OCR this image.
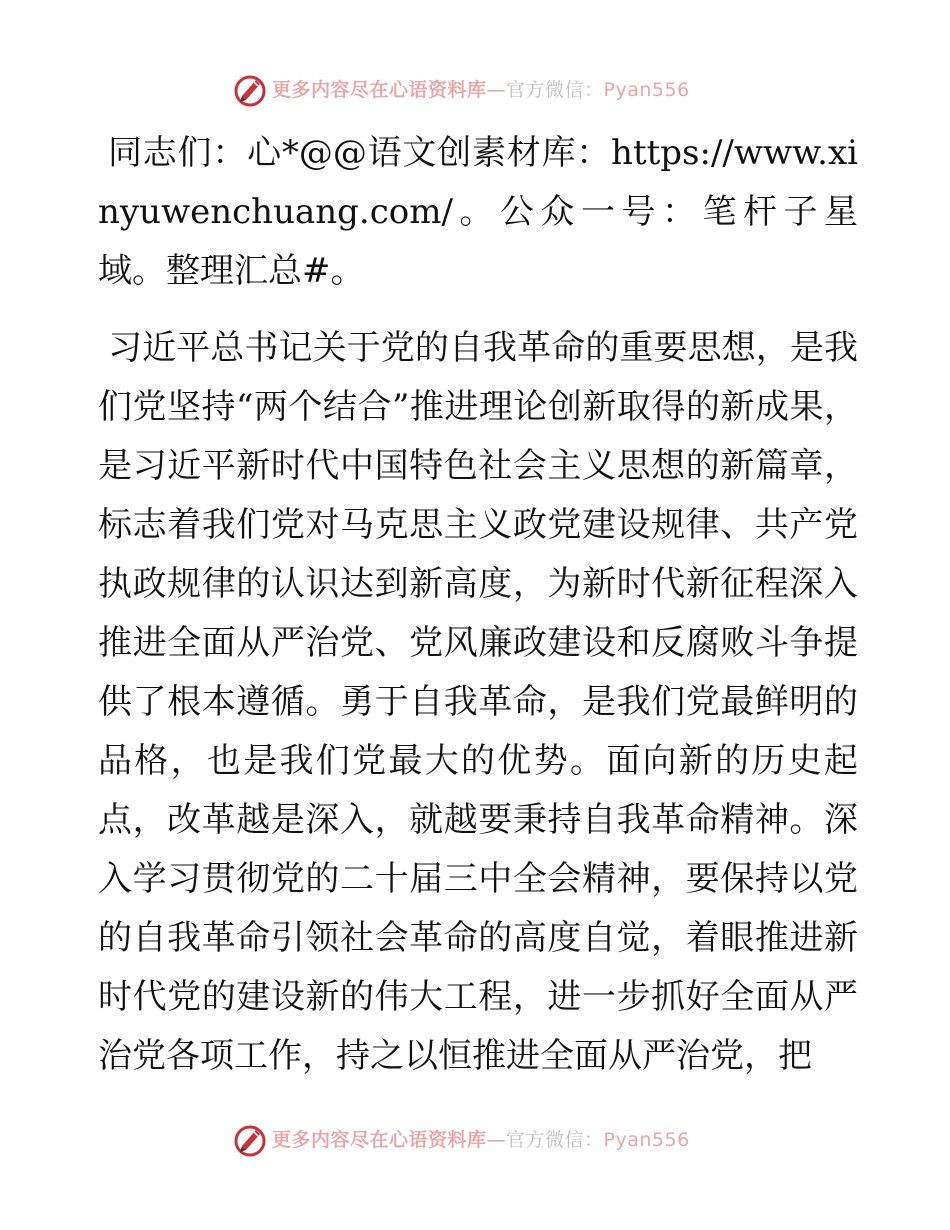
更多内容尽在心语资料库—官方微信：Pyan556

同志们：心*@@语文创素材库：https://www.xinyuwenchuang.com/。公众一号：笔杆子星域。整理汇总#。

习近平总书记关于党的自我革命的重要思想，是我们党坚持“两个结合”推进理论创新取得的新成果，是习近平新时代中国特色社会主义思想的新篇章，标志着我们党对马克思主义政党建设规律、共产党执政规律的认识达到新高度，为新时代新征程深入推进全面从严治党、党风廉政建设和反腐败斗争提供了根本遵循。勇于自我革命，是我们党最鲜明的品格，也是我们党最大的优势。面向新的历史起点，改革越是深入，就越要秉持自我革命精神。深入学习贯彻党的二十届三中全会精神，要保持以党的自我革命引领社会革命的高度自觉，着眼推进新时代党的建设新的伟大工程，进一步抓好全面从严治党各项工作，持之以恒推进全面从严治党，把

更多内容尽在心语资料库—官方微信：Pyan556
